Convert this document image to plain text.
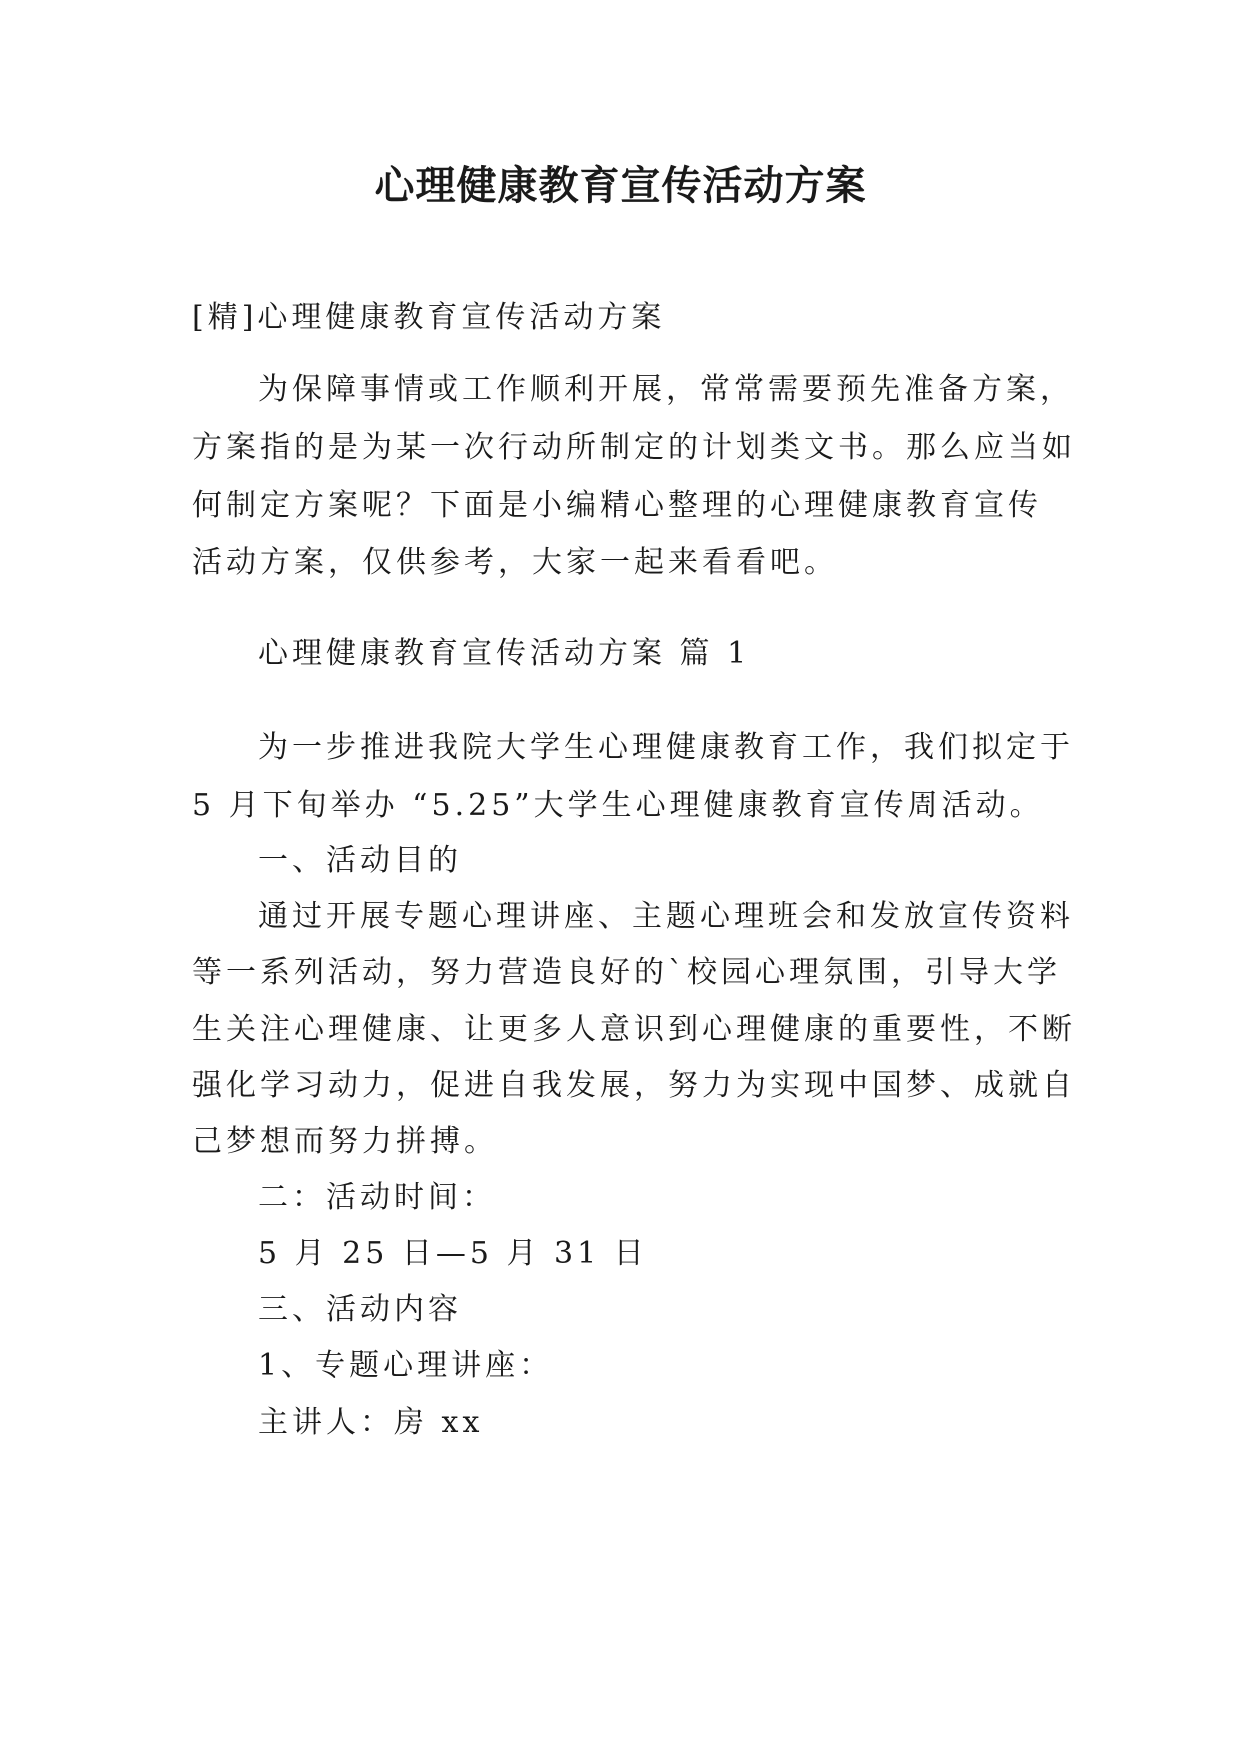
心理健康教育宣传活动方案
[精]心理健康教育宣传活动方案
为保障事情或工作顺利开展，常常需要预先准备方案，
方案指的是为某一次行动所制定的计划类文书。那么应当如
何制定方案呢？下面是小编精心整理的心理健康教育宣传
活动方案，仅供参考，大家一起来看看吧。
心理健康教育宣传活动方案 篇 1
为一步推进我院大学生心理健康教育工作，我们拟定于
5 月下旬举办 “5.25”大学生心理健康教育宣传周活动。
一、活动目的
通过开展专题心理讲座、主题心理班会和发放宣传资料
等一系列活动，努力营造良好的`校园心理氛围，引导大学
生关注心理健康、让更多人意识到心理健康的重要性，不断
强化学习动力，促进自我发展，努力为实现中国梦、成就自
己梦想而努力拼搏。
二：活动时间：
5 月 25 日—5 月 31 日
三、活动内容
1、专题心理讲座：
主讲人：房 xx
